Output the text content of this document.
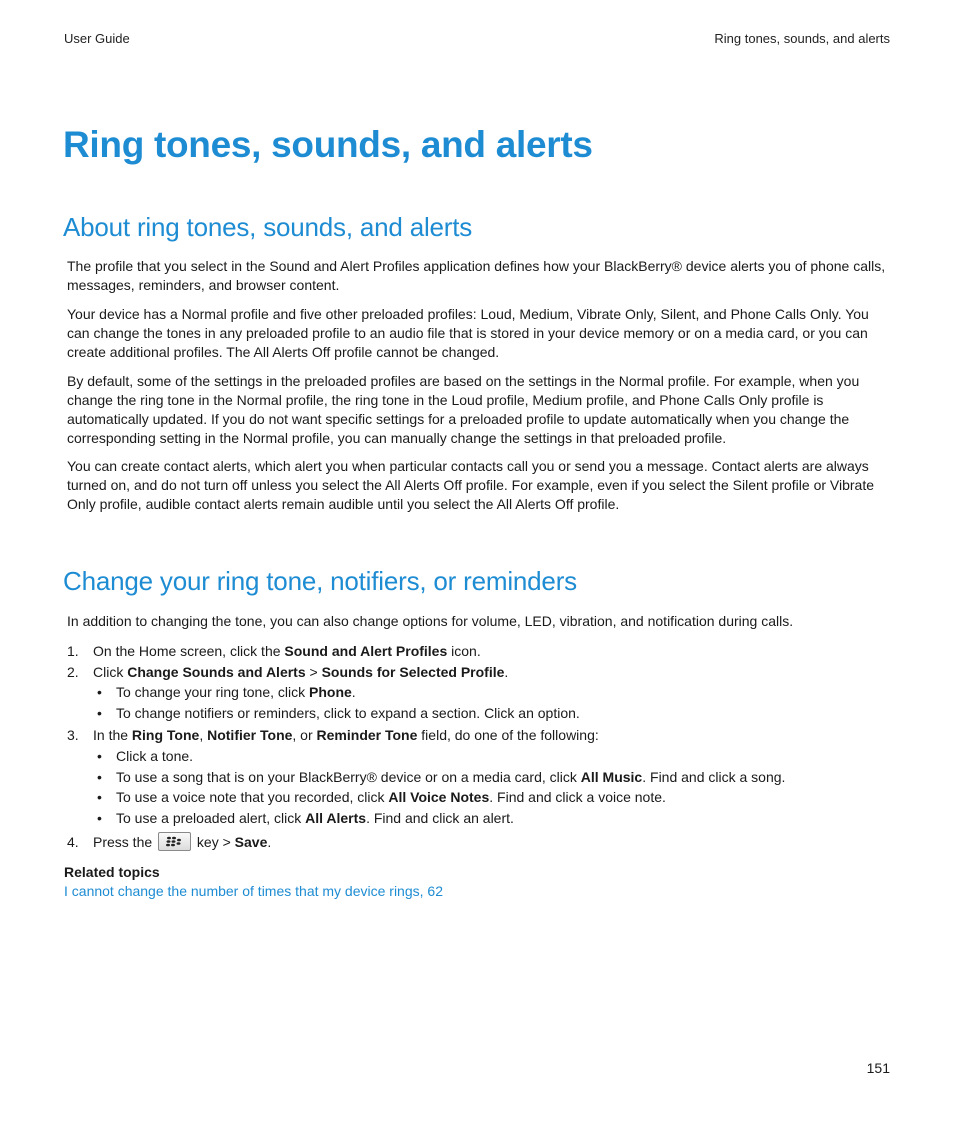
User Guide	Ring tones, sounds, and alerts
Ring tones, sounds, and alerts
About ring tones, sounds, and alerts

The profile that you select in the Sound and Alert Profiles application defines how your BlackBerry® device alerts you of phone calls, messages, reminders, and browser content.

Your device has a Normal profile and five other preloaded profiles: Loud, Medium, Vibrate Only, Silent, and Phone Calls Only. You can change the tones in any preloaded profile to an audio file that is stored in your device memory or on a media card, or you can create additional profiles. The All Alerts Off profile cannot be changed.

By default, some of the settings in the preloaded profiles are based on the settings in the Normal profile. For example, when you change the ring tone in the Normal profile, the ring tone in the Loud profile, Medium profile, and Phone Calls Only profile is automatically updated. If you do not want specific settings for a preloaded profile to update automatically when you change the corresponding setting in the Normal profile, you can manually change the settings in that preloaded profile.

You can create contact alerts, which alert you when particular contacts call you or send you a message. Contact alerts are always turned on, and do not turn off unless you select the All Alerts Off profile. For example, even if you select the Silent profile or Vibrate Only profile, audible contact alerts remain audible until you select the All Alerts Off profile.

Change your ring tone, notifiers, or reminders

In addition to changing the tone, you can also change options for volume, LED, vibration, and notification during calls.

1. On the Home screen, click the Sound and Alert Profiles icon.
2. Click Change Sounds and Alerts > Sounds for Selected Profile.
• To change your ring tone, click Phone.
• To change notifiers or reminders, click to expand a section. Click an option.
3. In the Ring Tone, Notifier Tone, or Reminder Tone field, do one of the following:
• Click a tone.
• To use a song that is on your BlackBerry® device or on a media card, click All Music. Find and click a song.
• To use a voice note that you recorded, click All Voice Notes. Find and click a voice note.
• To use a preloaded alert, click All Alerts. Find and click an alert.
4. Press the	key > Save.
Related topics
I cannot change the number of times that my device rings, 62
151
